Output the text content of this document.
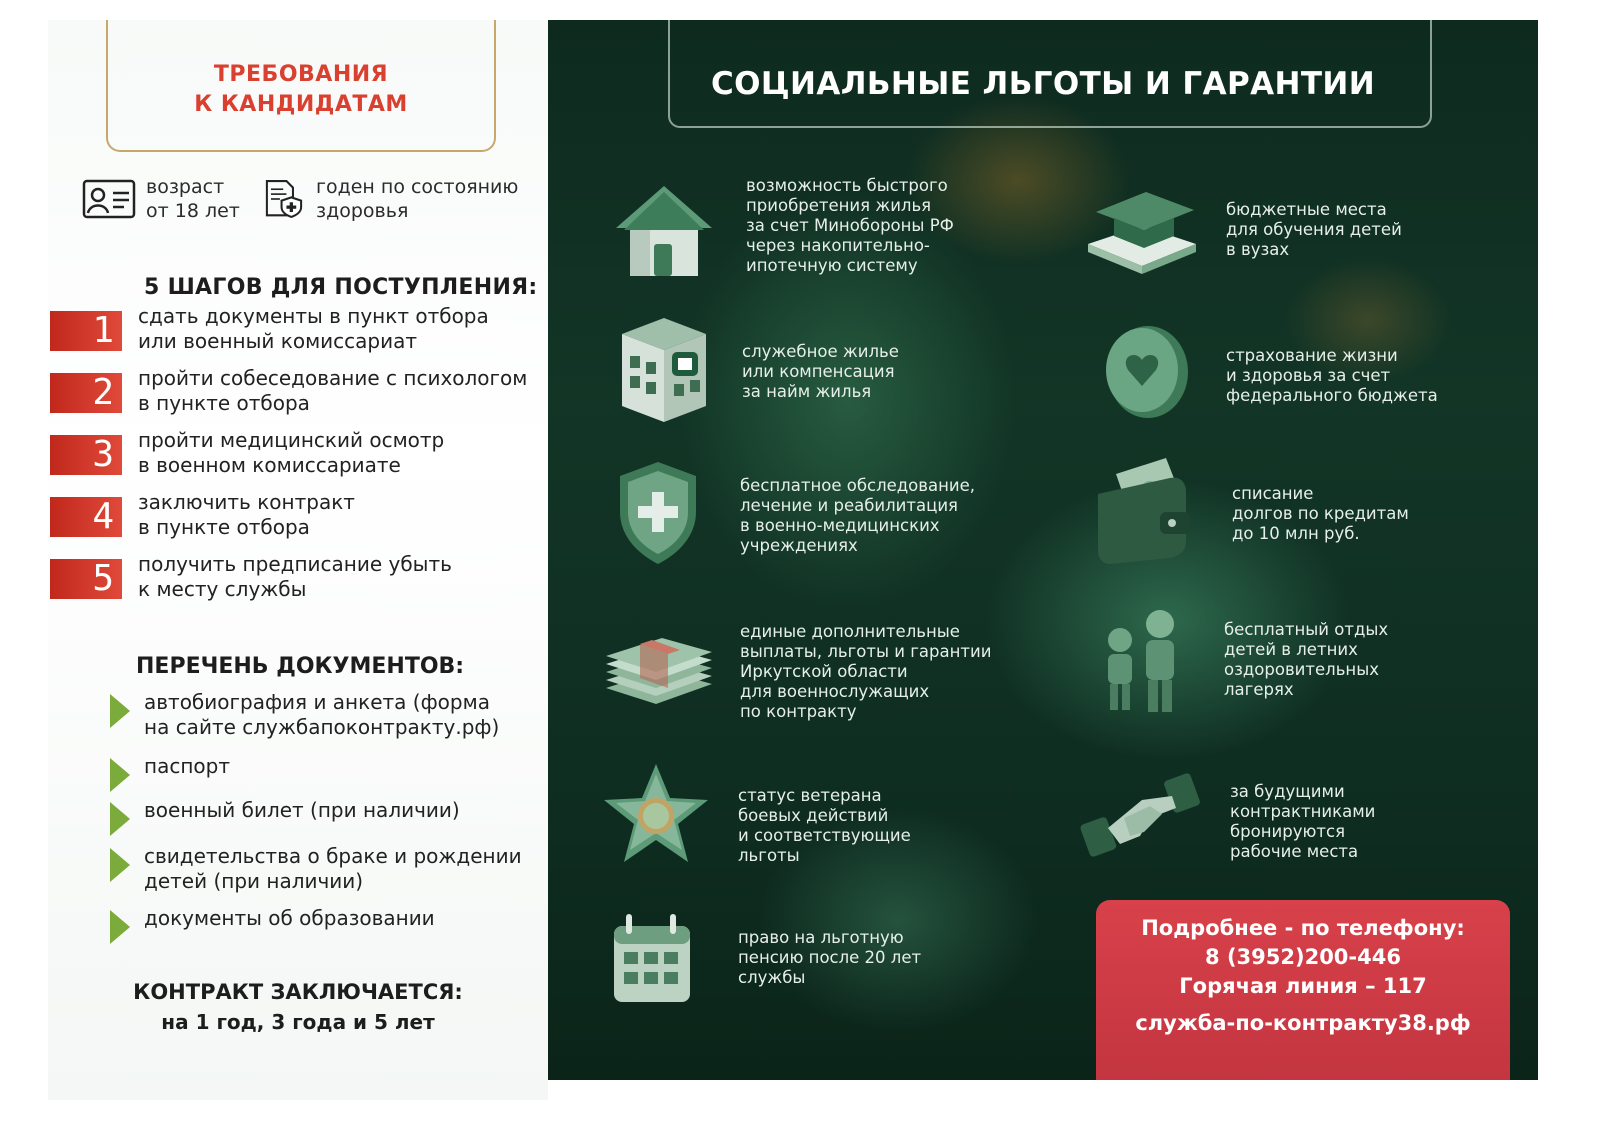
ТРЕБОВАНИЯ
К КАНДИДАТАМ
возраст
от 18 лет
годен по состоянию
здоровья
5 ШАГОВ ДЛЯ ПОСТУПЛЕНИЯ:
1	сдать документы в пункт отбора
или военный комиссариат
2	пройти собеседование с психологом
в пункте отбора
3	пройти медицинский осмотр
в военном комиссариате
4	заключить контракт
в пункте отбора
5	получить предписание убыть
к месту службы
ПЕРЕЧЕНЬ ДОКУМЕНТОВ:
автобиография и анкета (форма
на сайте службапоконтракту.рф)
паспорт
военный билет (при наличии)
свидетельства о браке и рождении
детей (при наличии)
документы об образовании
КОНТРАКТ ЗАКЛЮЧАЕТСЯ:
на 1 год, 3 года и 5 лет
СОЦИАЛЬНЫЕ ЛЬГОТЫ И ГАРАНТИИ
возможность быстрого
приобретения жилья
за счет Минобороны РФ
через накопительно-
ипотечную систему
служебное жилье
или компенсация
за найм жилья
бесплатное обследование,
лечение и реабилитация
в военно-медицинских
учреждениях
единые дополнительные
выплаты, льготы и гарантии
Иркутской области
для военнослужащих
по контракту
статус ветерана
боевых действий
и соответствующие
льготы
право на льготную
пенсию после 20 лет
службы
бюджетные места
для обучения детей
в вузах
страхование жизни
и здоровья за счет
федерального бюджета
списание
долгов по кредитам
до 10 млн руб.
бесплатный отдых
детей в летних
оздоровительных
лагерях
за будущими
контрактниками
бронируются
рабочие места
Подробнее - по телефону:
8 (3952)200-446
Горячая линия – 117
служба-по-контракту38.рф
